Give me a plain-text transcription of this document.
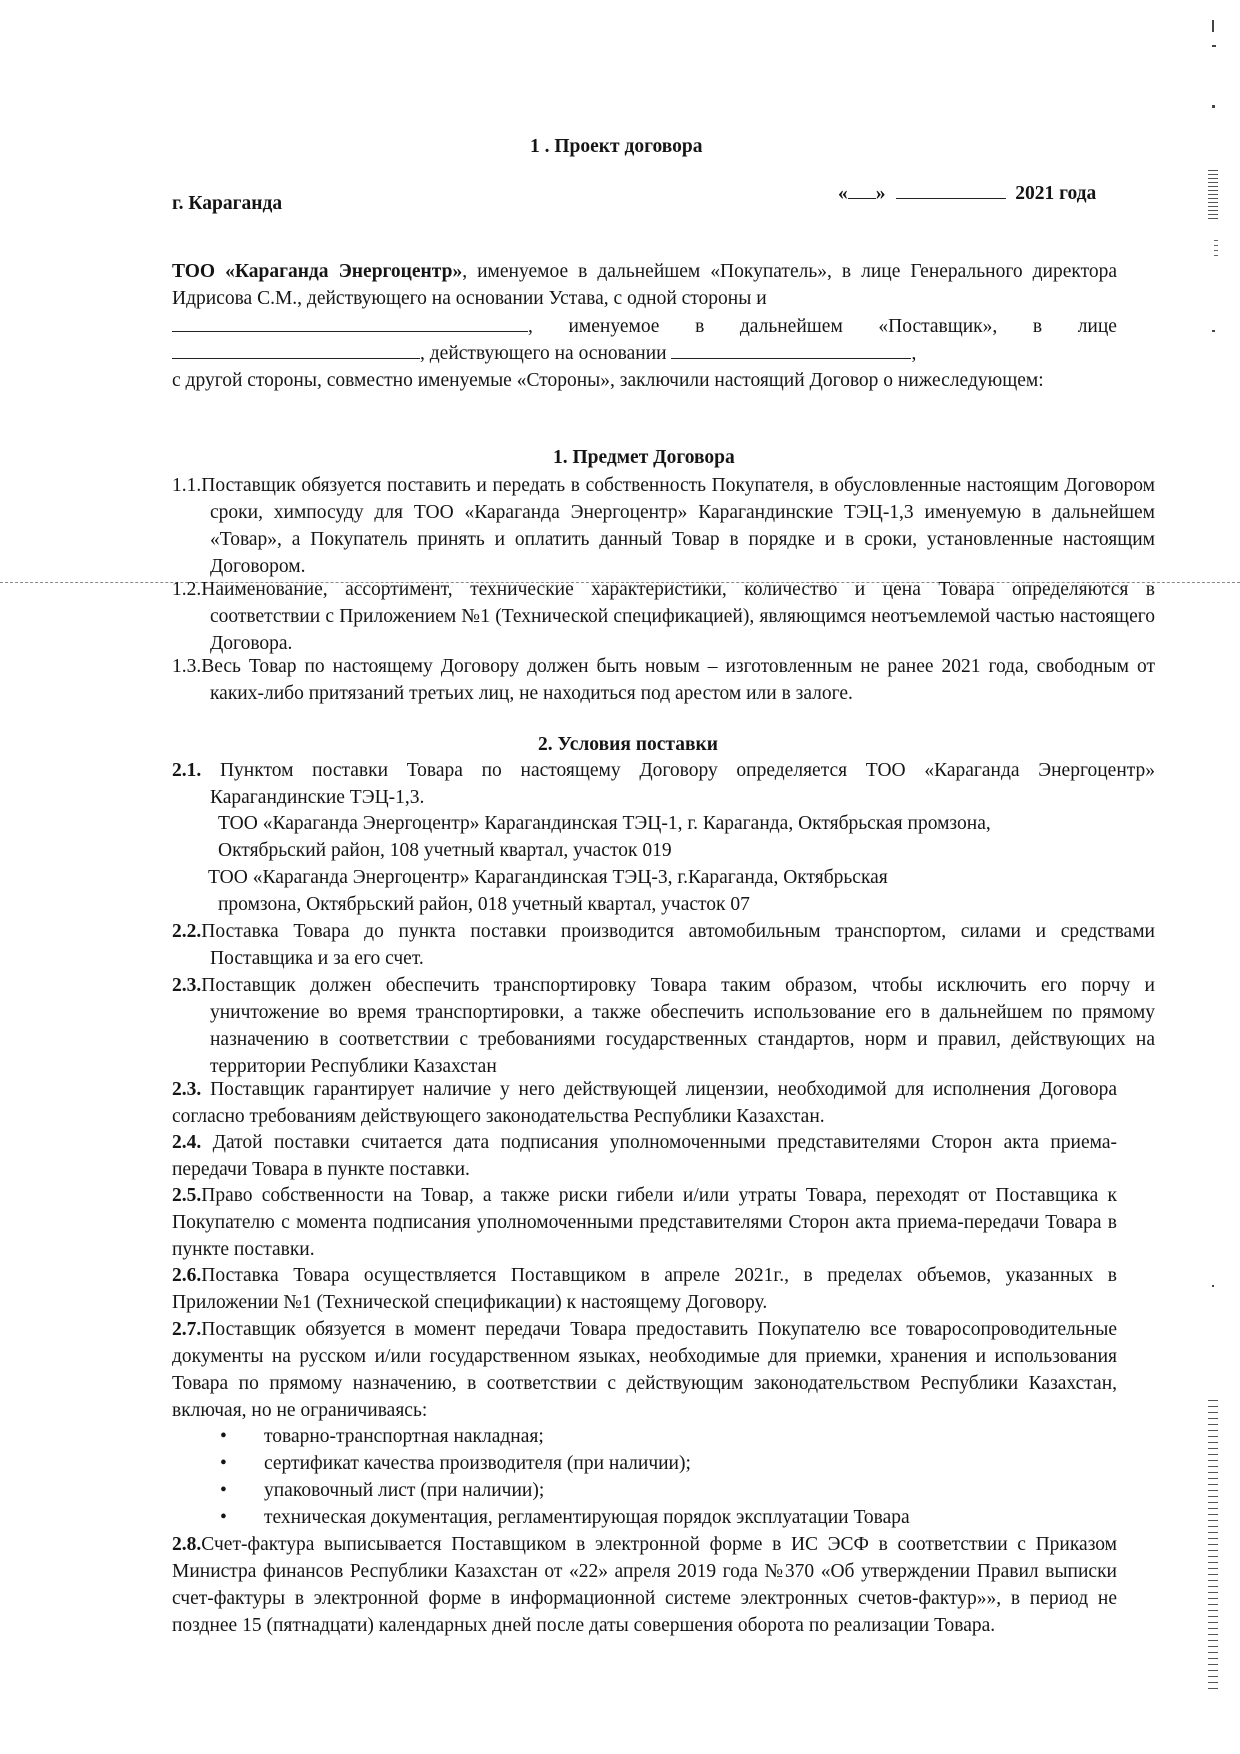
1 . Проект договора
г. Караганда	« »	2021 года
ТОО «Караганда Энергоцентр», именуемое в дальнейшем «Покупатель», в лице Генерального директора Идрисова С.М., действующего на основании Устава, с одной стороны и
, именуемое в дальнейшем «Поставщик», в лице
, действующего на основании	,
с другой стороны, совместно именуемые «Стороны», заключили настоящий Договор о нижеследующем:
1. Предмет Договора
1.1.Поставщик обязуется поставить и передать в собственность Покупателя, в обусловленные настоящим Договором сроки, химпосуду для ТОО «Караганда Энергоцентр» Карагандинские ТЭЦ-1,3 именуемую в дальнейшем «Товар», а Покупатель принять и оплатить данный Товар в порядке и в сроки, установленные настоящим Договором.
1.2.Наименование, ассортимент, технические характеристики, количество и цена Товара определяются в соответствии с Приложением №1 (Технической спецификацией), являющимся неотъемлемой частью настоящего Договора.
1.3.Весь Товар по настоящему Договору должен быть новым – изготовленным не ранее 2021 года, свободным от каких-либо притязаний третьих лиц, не находиться под арестом или в залоге.
2. Условия поставки
2.1. Пунктом поставки Товара по настоящему Договору определяется ТОО «Караганда Энергоцентр» Карагандинские ТЭЦ-1,3.
ТОО «Караганда Энергоцентр» Карагандинская ТЭЦ-1, г. Караганда, Октябрьская промзона,
Октябрьский район, 108 учетный квартал, участок 019
ТОО «Караганда Энергоцентр» Карагандинская ТЭЦ-3, г.Караганда, Октябрьская
промзона, Октябрьский район, 018 учетный квартал, участок 07
2.2.Поставка Товара до пункта поставки производится автомобильным транспортом, силами и средствами Поставщика и за его счет.
2.3.Поставщик должен обеспечить транспортировку Товара таким образом, чтобы исключить его порчу и уничтожение во время транспортировки, а также обеспечить использование его в дальнейшем по прямому назначению в соответствии с требованиями государственных стандартов, норм и правил, действующих на территории Республики Казахстан
2.3. Поставщик гарантирует наличие у него действующей лицензии, необходимой для исполнения Договора согласно требованиям действующего законодательства Республики Казахстан.
2.4. Датой поставки считается дата подписания уполномоченными представителями Сторон акта приема-передачи Товара в пункте поставки.
2.5.Право собственности на Товар, а также риски гибели и/или утраты Товара, переходят от Поставщика к Покупателю с момента подписания уполномоченными представителями Сторон акта приема-передачи Товара в пункте поставки.
2.6.Поставка Товара осуществляется Поставщиком в апреле 2021г., в пределах объемов, указанных в Приложении №1 (Технической спецификации) к настоящему Договору.
2.7.Поставщик обязуется в момент передачи Товара предоставить Покупателю все товаросопроводительные документы на русском и/или государственном языках, необходимые для приемки, хранения и использования Товара по прямому назначению, в соответствии с действующим законодательством Республики Казахстан, включая, но не ограничиваясь:
• товарно-транспортная накладная;
• сертификат качества производителя (при наличии);
• упаковочный лист (при наличии);
• техническая документация, регламентирующая порядок эксплуатации Товара
2.8.Счет-фактура выписывается Поставщиком в электронной форме в ИС ЭСФ в соответствии с Приказом Министра финансов Республики Казахстан от «22» апреля 2019 года №370 «Об утверждении Правил выписки счет-фактуры в электронной форме в информационной системе электронных счетов-фактур»», в период не позднее 15 (пятнадцати) календарных дней после даты совершения оборота по реализации Товара.
